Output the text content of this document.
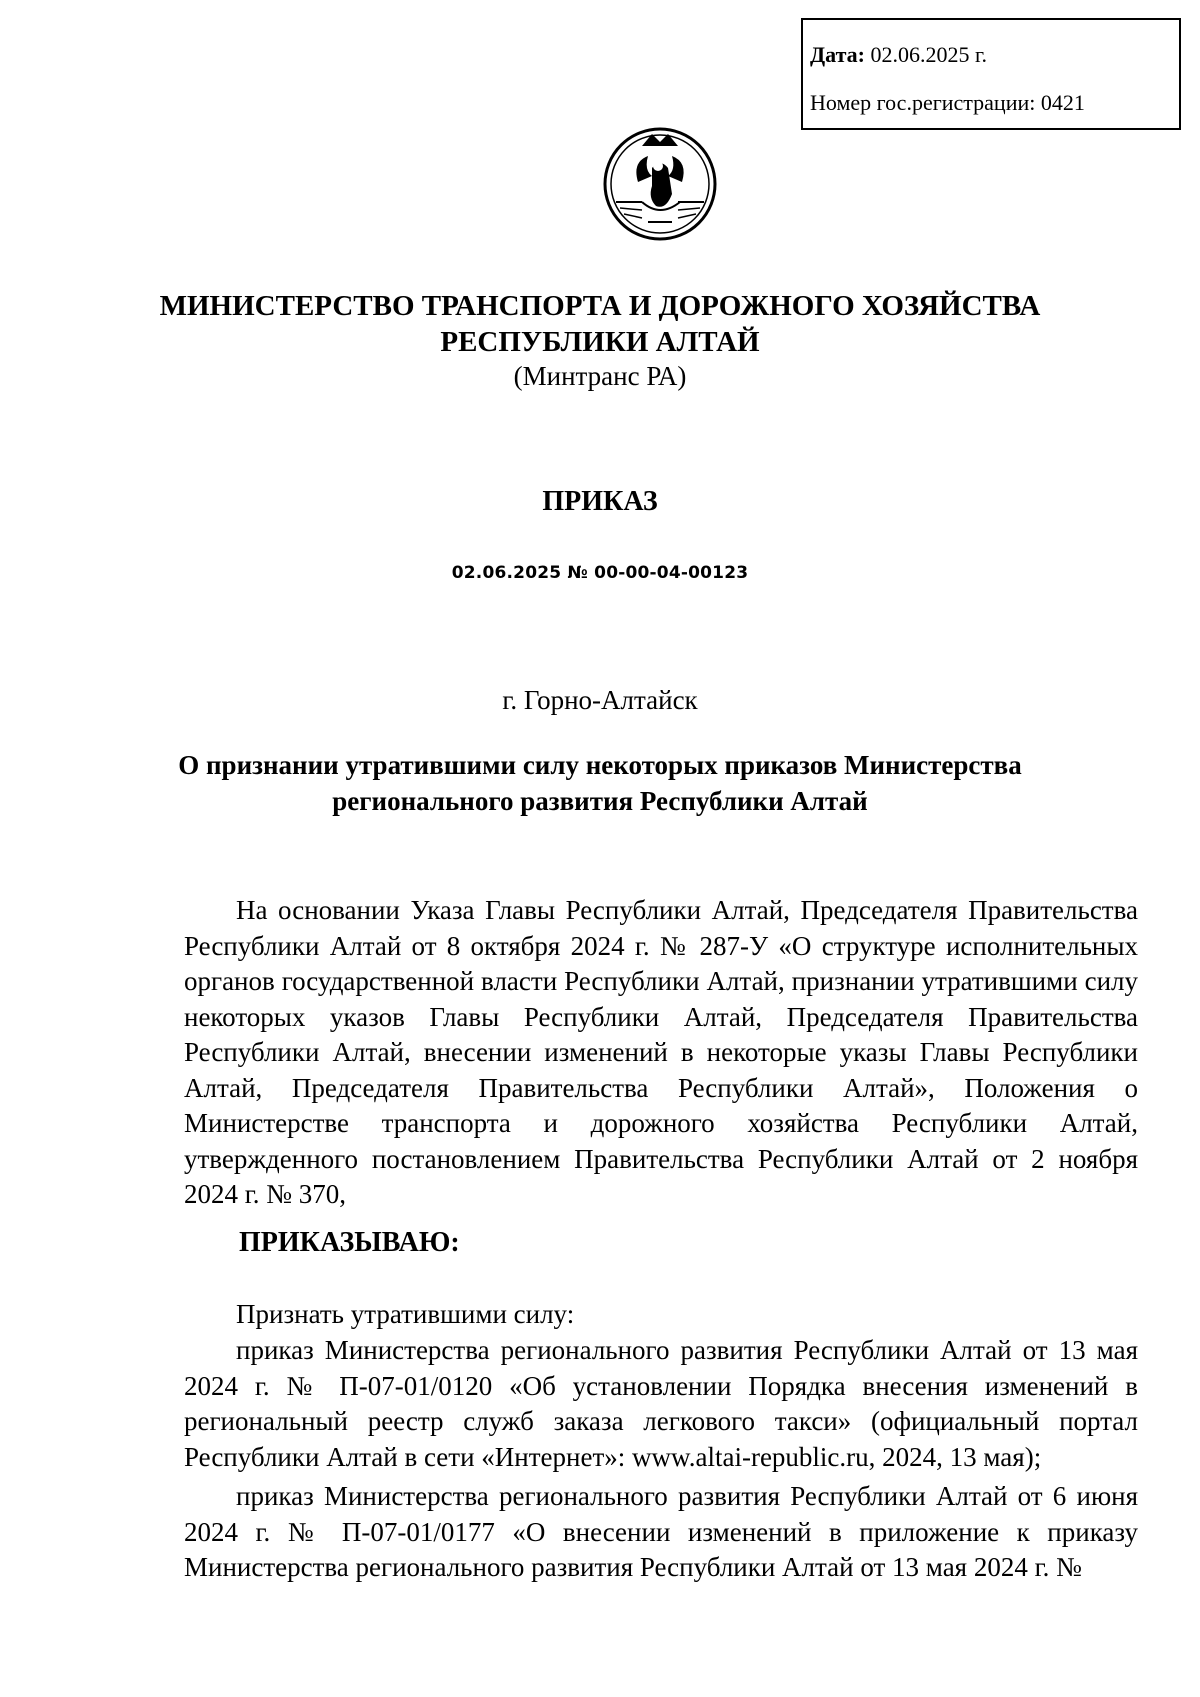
Дата: 02.06.2025 г.
Номер гос.регистрации: 0421
МИНИСТЕРСТВО ТРАНСПОРТА И ДОРОЖНОГО ХОЗЯЙСТВА
РЕСПУБЛИКИ АЛТАЙ
(Минтранс РА)
ПРИКАЗ
02.06.2025 № 00-00-04-00123
г. Горно-Алтайск
О признании утратившими силу некоторых приказов Министерства
регионального развития Республики Алтай
На основании Указа Главы Республики Алтай, Председателя Правительства Республики Алтай от 8 октября 2024 г. № 287-У «О структуре исполнительных органов государственной власти Республики Алтай, признании утратившими силу некоторых указов Главы Республики Алтай, Председателя Правительства Республики Алтай, внесении изменений в некоторые указы Главы Республики Алтай, Председателя Правительства Республики Алтай», Положения о Министерстве транспорта и дорожного хозяйства Республики Алтай, утвержденного постановлением Правительства Республики Алтай от 2 ноября 2024 г. № 370,
ПРИКАЗЫВАЮ:
Признать утратившими силу:
приказ Министерства регионального развития Республики Алтай от 13 мая 2024 г. № П-07-01/0120 «Об установлении Порядка внесения изменений в региональный реестр служб заказа легкового такси» (официальный портал Республики Алтай в сети «Интернет»: www.altai-republic.ru, 2024, 13 мая);
приказ Министерства регионального развития Республики Алтай от 6 июня 2024 г. № П-07-01/0177 «О внесении изменений в приложение к приказу Министерства регионального развития Республики Алтай от 13 мая 2024 г. №
